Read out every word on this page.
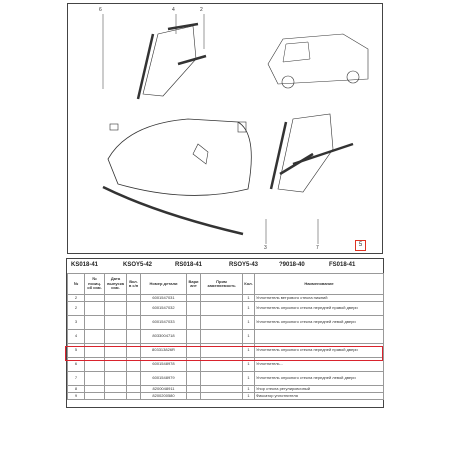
6	4	2
3	7	5
KS018-41	KSOY5-42	RS018-41	RSOY5-43	?9018-40	FS018-41
№	№ позиц. об изм.	Дата выпуска изм.	Вкл. в с/п	Номер детали	Вари ант	Прим заменяемость	Кол.	Наименование
2				6001547031			1	Уплотнитель ветрового стекла нижний
2				6001547032			1	Уплотнитель опускного стекла передней правой двери
3				6001547033			1	Уплотнитель опускного стекла передней левой двери
4				8033004718			1	
5				803313826R			1	Уплотнитель опускного стекла передней правой двери
6				6001548978			1	Уплотнитель...
7				6001548979			1	Уплотнитель опускного стекла передней левой двери
8				8200048911			1	Упор стекла регулировочный
9				8200200580			1	Фиксатор уплотнителя
